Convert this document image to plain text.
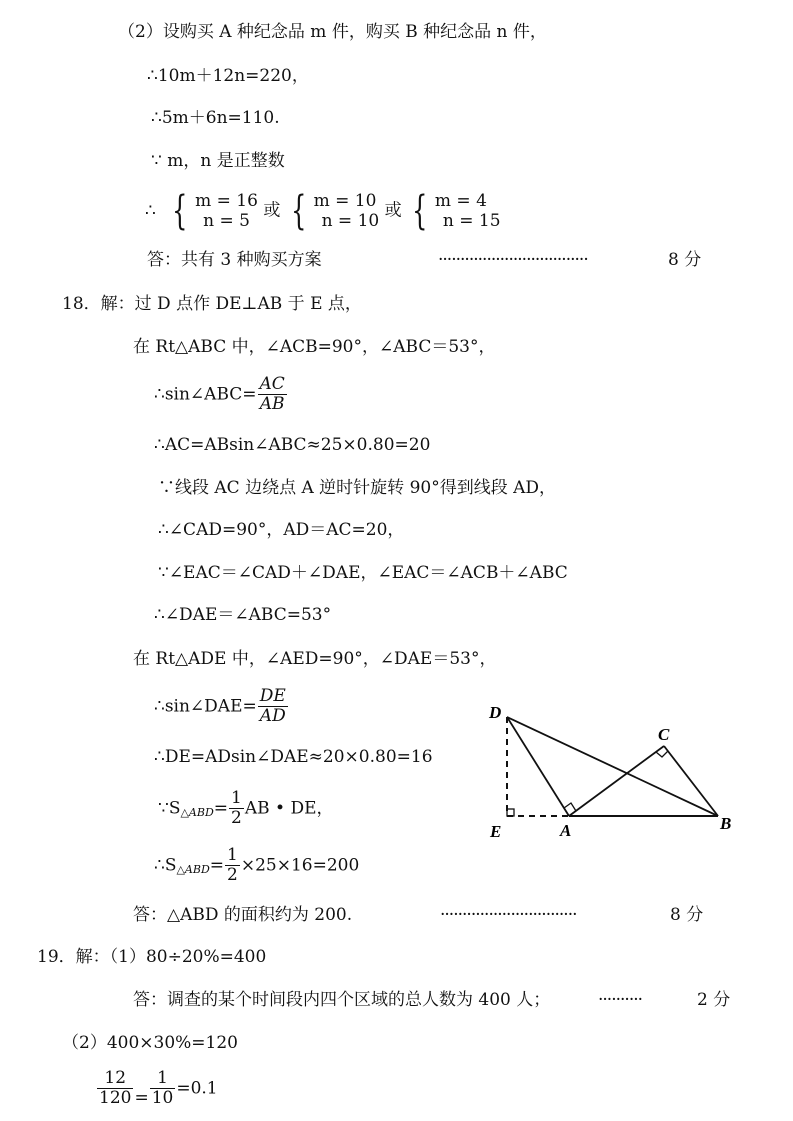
（2）设购买 A 种纪念品 m 件，购买 B 种纪念品 n 件，
∴10m＋12n=220，
∴5m＋6n=110.
∵ m，n 是正整数
∴ { m = 16
n = 5 或 { m = 10
n = 10 或 { m = 4
n = 15
答：共有 3 种购买方案	··································	8 分
18．解：过 D 点作 DE⊥AB 于 E 点，
在 Rt△ABC 中，∠ACB=90°，∠ABC＝53°，
∴sin∠ABC= $\frac{AC}{AB}$
∴AC=ABsin∠ABC≈25×0.80=20
∵线段 AC 边绕点 A 逆时针旋转 90°得到线段 AD，
∴∠CAD=90°，AD＝AC=20，
∵∠EAC＝∠CAD＋∠DAE，∠EAC＝∠ACB＋∠ABC
∴∠DAE＝∠ABC=53°
在 Rt△ADE 中，∠AED=90°，∠DAE＝53°，
∴sin∠DAE= $\frac{DE}{AD}$
∴DE=ADsin∠DAE≈20×0.80=16
$\because S_{\triangle ABD}= \frac{1}{2}$ AB • DE，
$\therefore S_{\triangle ABD}= \frac{1}{2} \times 25\times 16=200$
答：△ABD 的面积约为 200.	·······························	8 分
D
C
E	A	B
19．解：（1）80÷20%=400
答：调查的某个时间段内四个区域的总人数为 400 人；	··········	2 分
（2）400×30%=120
$\frac{12}{120} = \frac{1}{10} =0.1$
